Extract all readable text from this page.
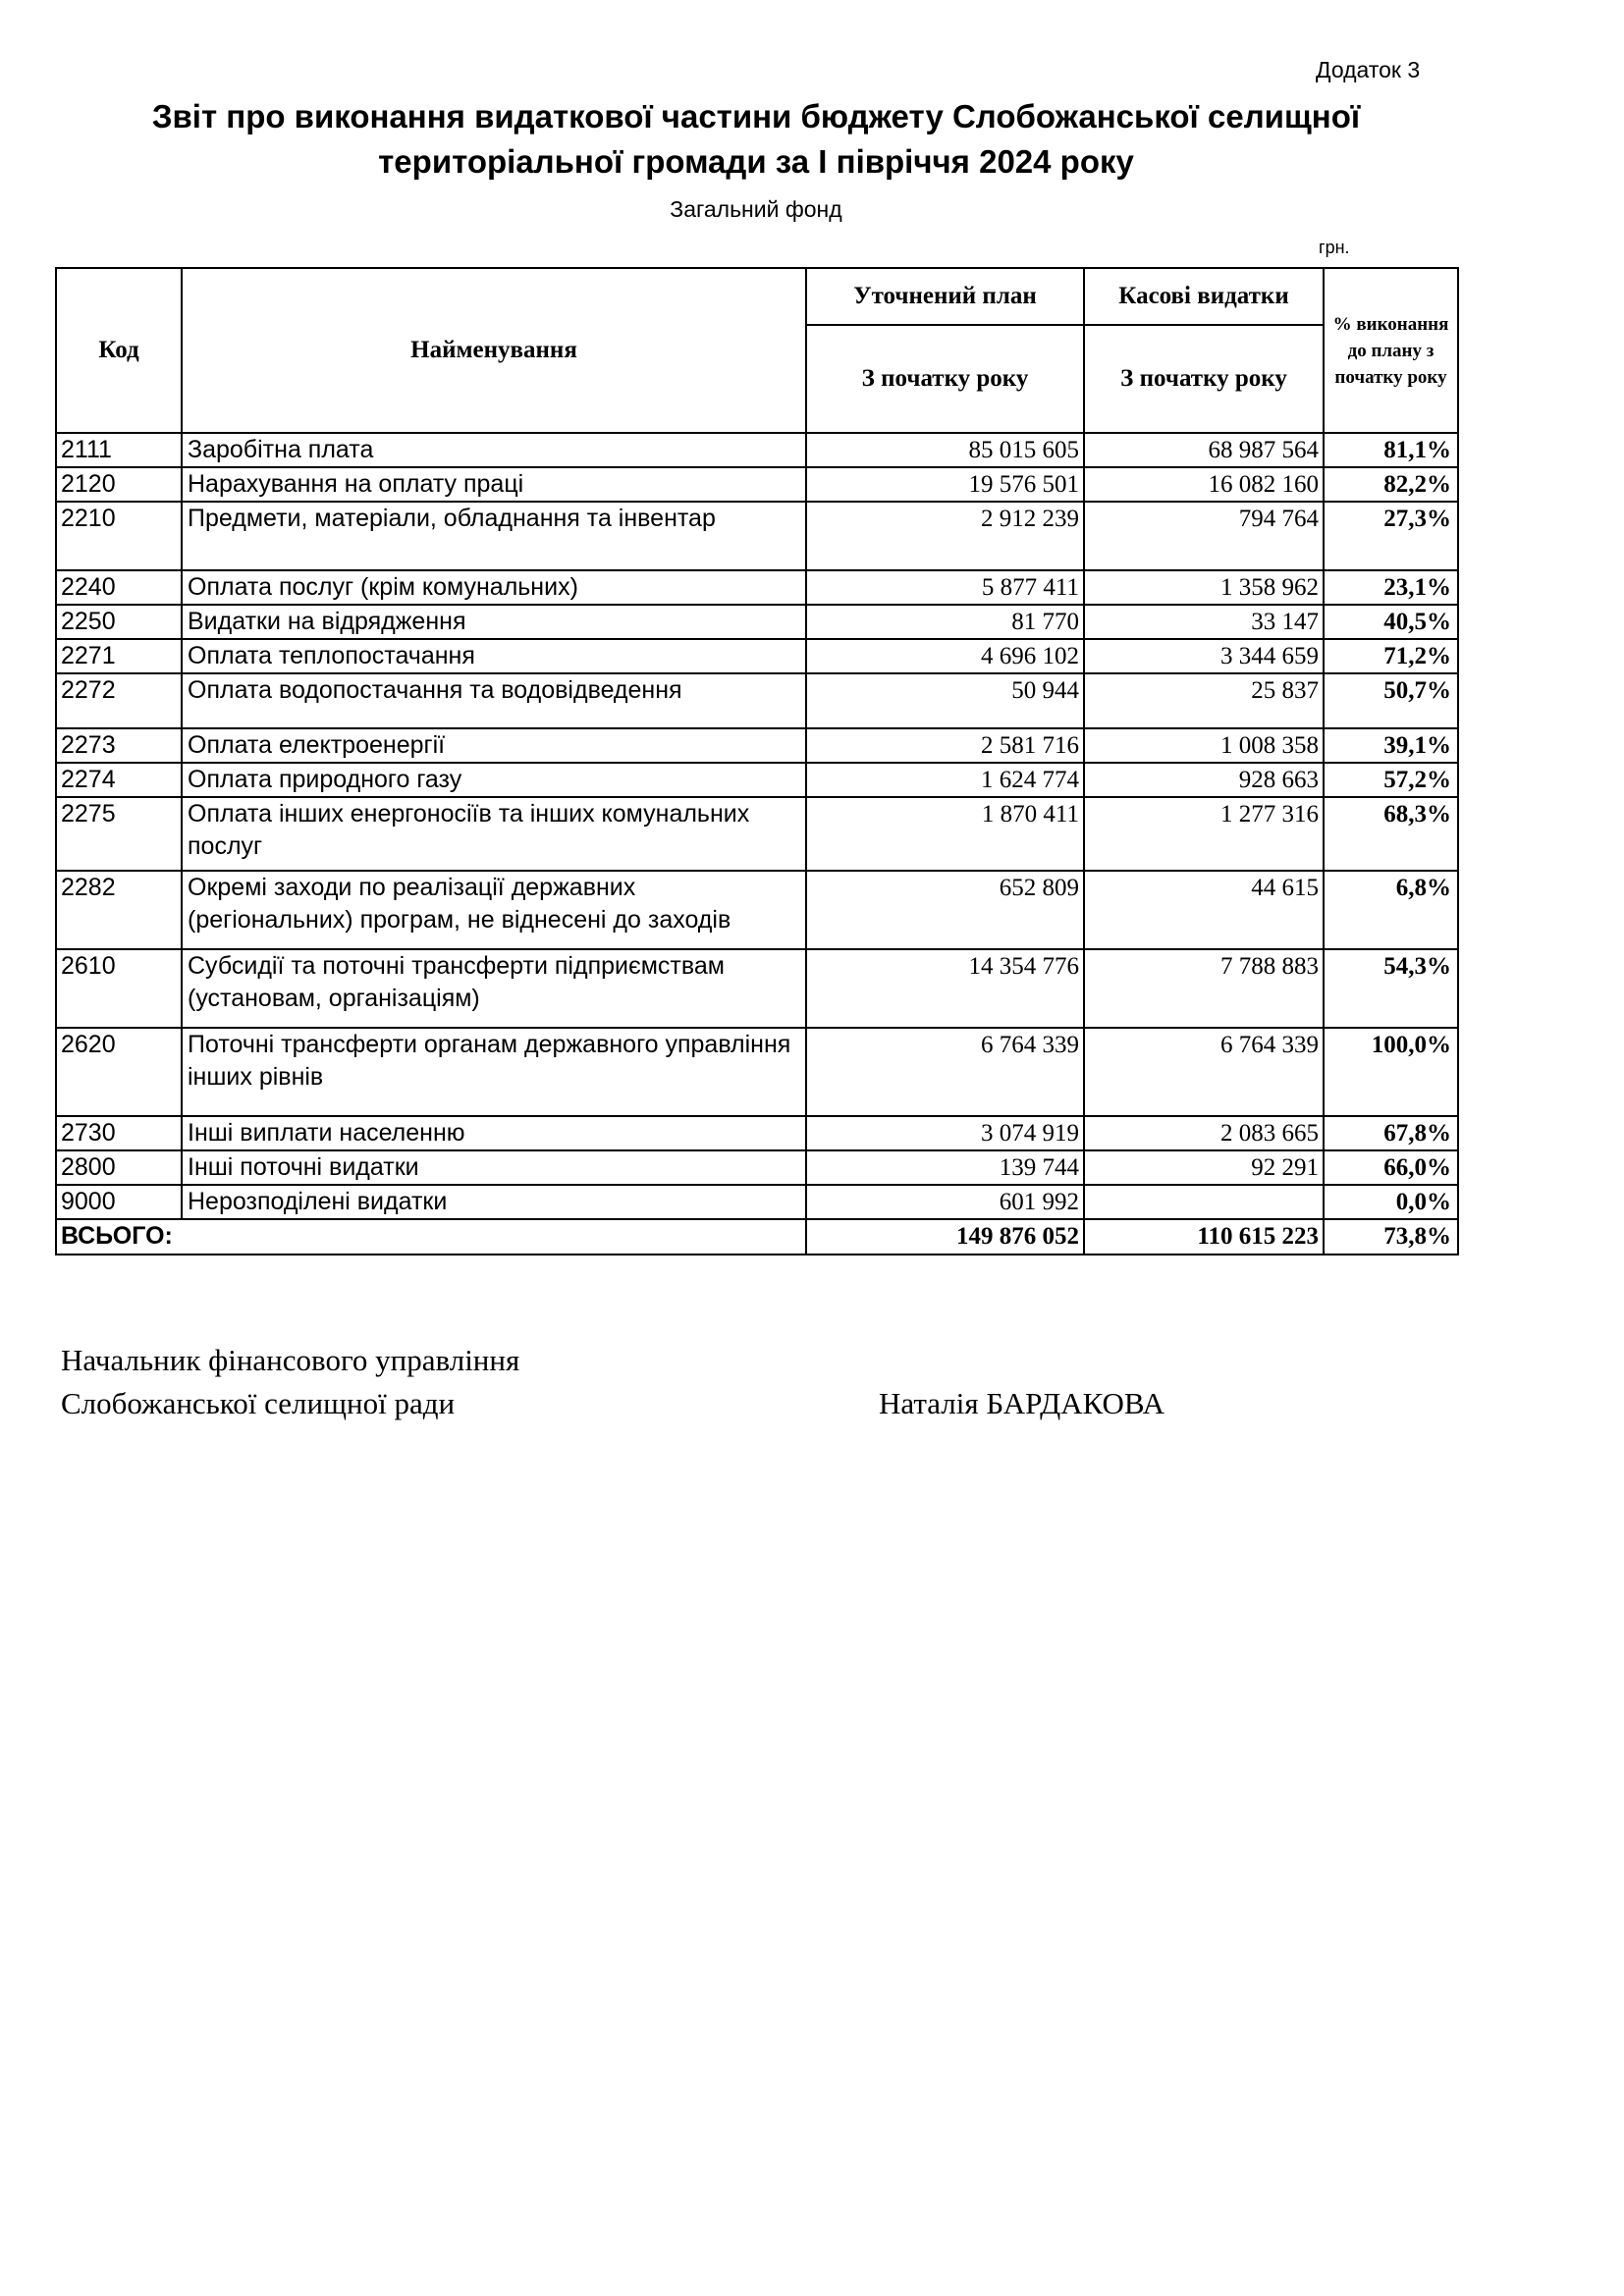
Додаток 3
Звіт про виконання видаткової частини бюджету Слобожанської селищної
територіальної громади за І півріччя 2024 року
Загальний фонд
грн.
Код	Найменування	Уточнений план	Касові видатки	% виконання до плану з початку року
		З початку року	З початку року	
2111	Заробітна плата	85 015 605	68 987 564	81,1%
2120	Нарахування на оплату праці	19 576 501	16 082 160	82,2%
2210	Предмети, матеріали, обладнання та інвентар	2 912 239	794 764	27,3%
2240	Оплата послуг (крім комунальних)	5 877 411	1 358 962	23,1%
2250	Видатки на відрядження	81 770	33 147	40,5%
2271	Оплата теплопостачання	4 696 102	3 344 659	71,2%
2272	Оплата водопостачання та водовідведення	50 944	25 837	50,7%
2273	Оплата електроенергії	2 581 716	1 008 358	39,1%
2274	Оплата природного газу	1 624 774	928 663	57,2%
2275	Оплата інших енергоносіїв та інших комунальних послуг	1 870 411	1 277 316	68,3%
2282	Окремі заходи по реалізації державних (регіональних) програм, не віднесені до заходів	652 809	44 615	6,8%
2610	Субсидії та поточні трансферти підприємствам (установам, організаціям)	14 354 776	7 788 883	54,3%
2620	Поточні трансферти органам державного управління інших рівнів	6 764 339	6 764 339	100,0%
2730	Інші виплати населенню	3 074 919	2 083 665	67,8%
2800	Інші поточні видатки	139 744	92 291	66,0%
9000	Нерозподілені видатки	601 992		0,0%
ВСЬОГО:		149 876 052	110 615 223	73,8%
Начальник фінансового управління
Слобожанської селищної ради	Наталія БАРДАКОВА
